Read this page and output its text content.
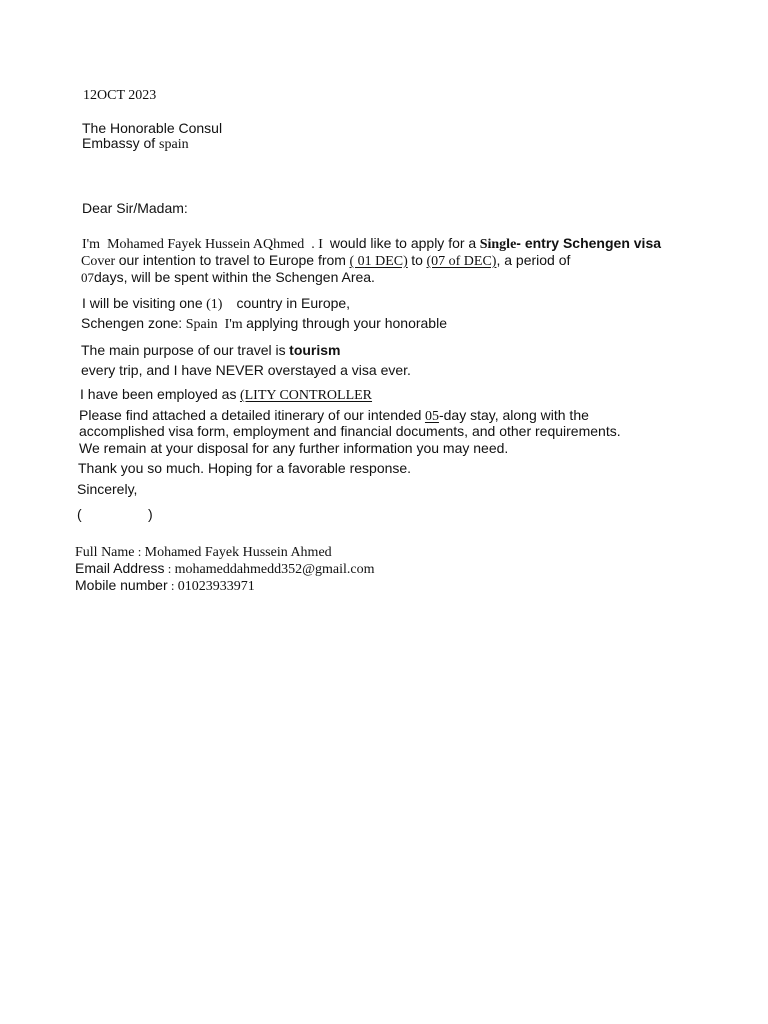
12OCT 2023
The Honorable Consul
Embassy of spain
Dear Sir/Madam:
I'm Mohamed Fayek Hussein AQhmed . I would like to apply for a Single- entry Schengen visa
Cover our intention to travel to Europe from ( 01 DEC) to (07 of DEC), a period of
07days, will be spent within the Schengen Area.
I will be visiting one (1) country in Europe,
Schengen zone: Spain I'm applying through your honorable
The main purpose of our travel is tourism
every trip, and I have NEVER overstayed a visa ever.
I have been employed as (LITY CONTROLLER
Please find attached a detailed itinerary of our intended 05-day stay, along with the
accomplished visa form, employment and financial documents, and other requirements.
We remain at your disposal for any further information you may need.
Thank you so much. Hoping for a favorable response.
Sincerely,
(	)
Full Name : Mohamed Fayek Hussein Ahmed
Email Address : mohameddahmedd352@gmail.com
Mobile number : 01023933971
